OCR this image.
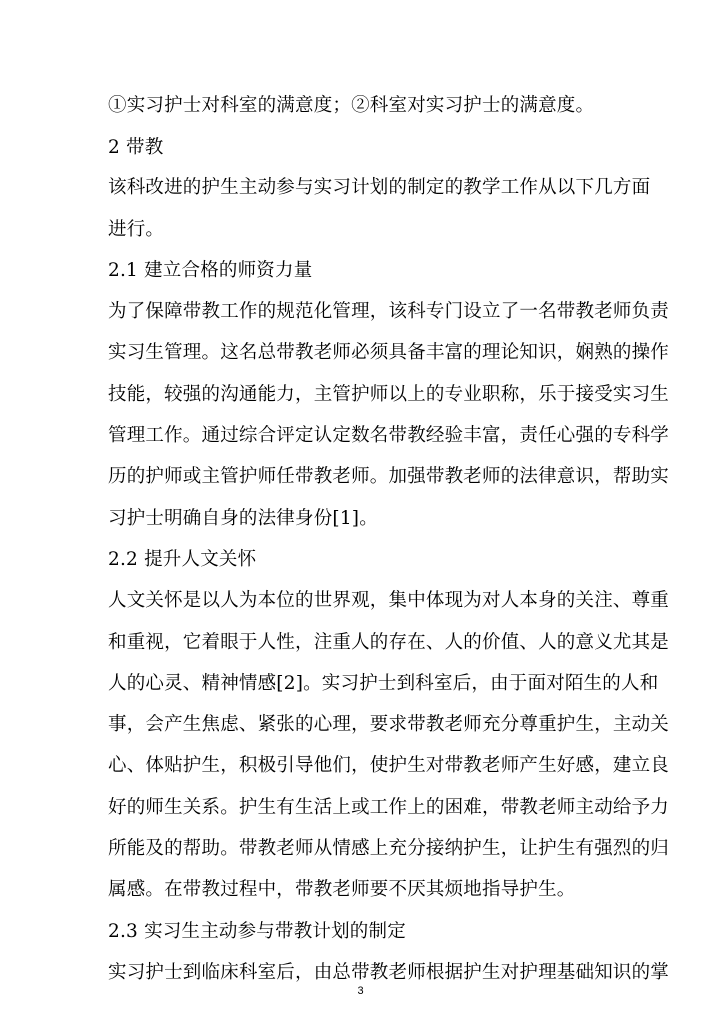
①实习护士对科室的满意度；②科室对实习护士的满意度。
2 带教
该科改进的护生主动参与实习计划的制定的教学工作从以下几方面
进行。
2.1 建立合格的师资力量
为了保障带教工作的规范化管理，该科专门设立了一名带教老师负责
实习生管理。这名总带教老师必须具备丰富的理论知识，娴熟的操作
技能，较强的沟通能力，主管护师以上的专业职称，乐于接受实习生
管理工作。通过综合评定认定数名带教经验丰富，责任心强的专科学
历的护师或主管护师任带教老师。加强带教老师的法律意识，帮助实
习护士明确自身的法律身份[1]。
2.2 提升人文关怀
人文关怀是以人为本位的世界观，集中体现为对人本身的关注、尊重
和重视，它着眼于人性，注重人的存在、人的价值、人的意义尤其是
人的心灵、精神情感[2]。实习护士到科室后，由于面对陌生的人和
事，会产生焦虑、紧张的心理，要求带教老师充分尊重护生，主动关
心、体贴护生，积极引导他们，使护生对带教老师产生好感，建立良
好的师生关系。护生有生活上或工作上的困难，带教老师主动给予力
所能及的帮助。带教老师从情感上充分接纳护生，让护生有强烈的归
属感。在带教过程中，带教老师要不厌其烦地指导护生。
2.3 实习生主动参与带教计划的制定
实习护士到临床科室后，由总带教老师根据护生对护理基础知识的掌
3
